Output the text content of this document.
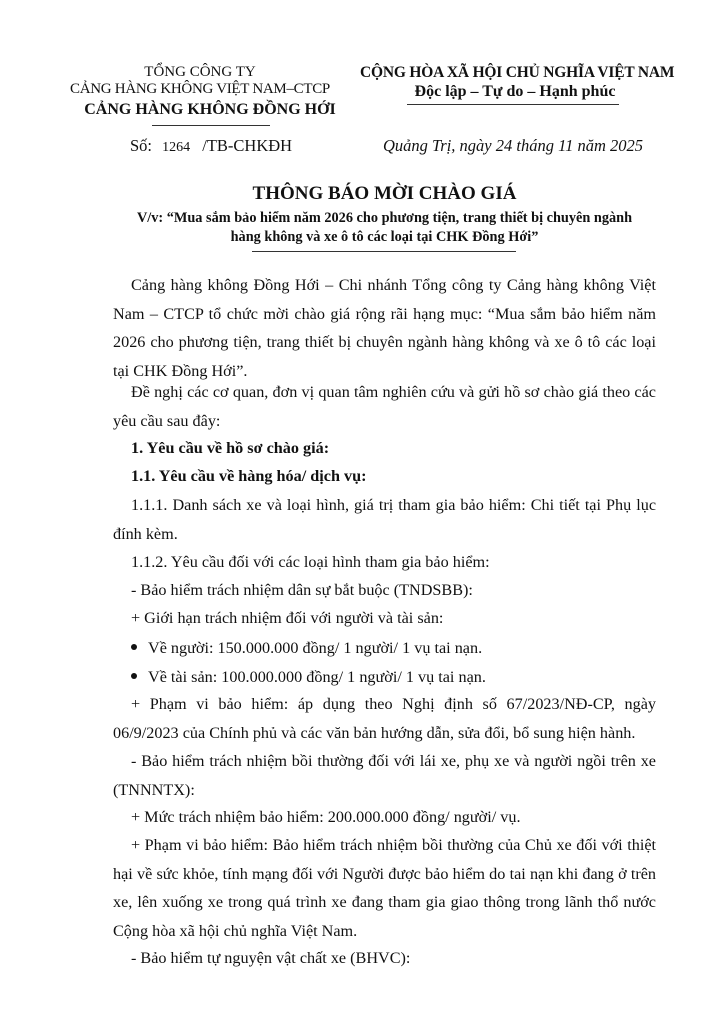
TỔNG CÔNG TY
CẢNG HÀNG KHÔNG VIỆT NAM–CTCP
CẢNG HÀNG KHÔNG ĐỒNG HỚI
CỘNG HÒA XÃ HỘI CHỦ NGHĨA VIỆT NAM
Độc lập – Tự do – Hạnh phúc
Số: 1264 /TB-CHKĐH	Quảng Trị, ngày 24 tháng 11 năm 2025
THÔNG BÁO MỜI CHÀO GIÁ
V/v: “Mua sắm bảo hiểm năm 2026 cho phương tiện, trang thiết bị chuyên ngành
hàng không và xe ô tô các loại tại CHK Đồng Hới”
Cảng hàng không Đồng Hới – Chi nhánh Tổng công ty Cảng hàng không Việt Nam – CTCP tổ chức mời chào giá rộng rãi hạng mục: “Mua sắm bảo hiểm năm 2026 cho phương tiện, trang thiết bị chuyên ngành hàng không và xe ô tô các loại tại CHK Đồng Hới”.
Đề nghị các cơ quan, đơn vị quan tâm nghiên cứu và gửi hồ sơ chào giá theo các yêu cầu sau đây:
1. Yêu cầu về hồ sơ chào giá:
1.1. Yêu cầu về hàng hóa/ dịch vụ:
1.1.1. Danh sách xe và loại hình, giá trị tham gia bảo hiểm: Chi tiết tại Phụ lục đính kèm.
1.1.2. Yêu cầu đối với các loại hình tham gia bảo hiểm:
- Bảo hiểm trách nhiệm dân sự bắt buộc (TNDSBB):
+ Giới hạn trách nhiệm đối với người và tài sản:
Về người: 150.000.000 đồng/ 1 người/ 1 vụ tai nạn.
Về tài sản: 100.000.000 đồng/ 1 người/ 1 vụ tai nạn.
+ Phạm vi bảo hiểm: áp dụng theo Nghị định số 67/2023/NĐ-CP, ngày 06/9/2023 của Chính phủ và các văn bản hướng dẫn, sửa đổi, bổ sung hiện hành.
- Bảo hiểm trách nhiệm bồi thường đối với lái xe, phụ xe và người ngồi trên xe (TNNNTX):
+ Mức trách nhiệm bảo hiểm: 200.000.000 đồng/ người/ vụ.
+ Phạm vi bảo hiểm: Bảo hiểm trách nhiệm bồi thường của Chủ xe đối với thiệt hại về sức khỏe, tính mạng đối với Người được bảo hiểm do tai nạn khi đang ở trên xe, lên xuống xe trong quá trình xe đang tham gia giao thông trong lãnh thổ nước Cộng hòa xã hội chủ nghĩa Việt Nam.
- Bảo hiểm tự nguyện vật chất xe (BHVC):
